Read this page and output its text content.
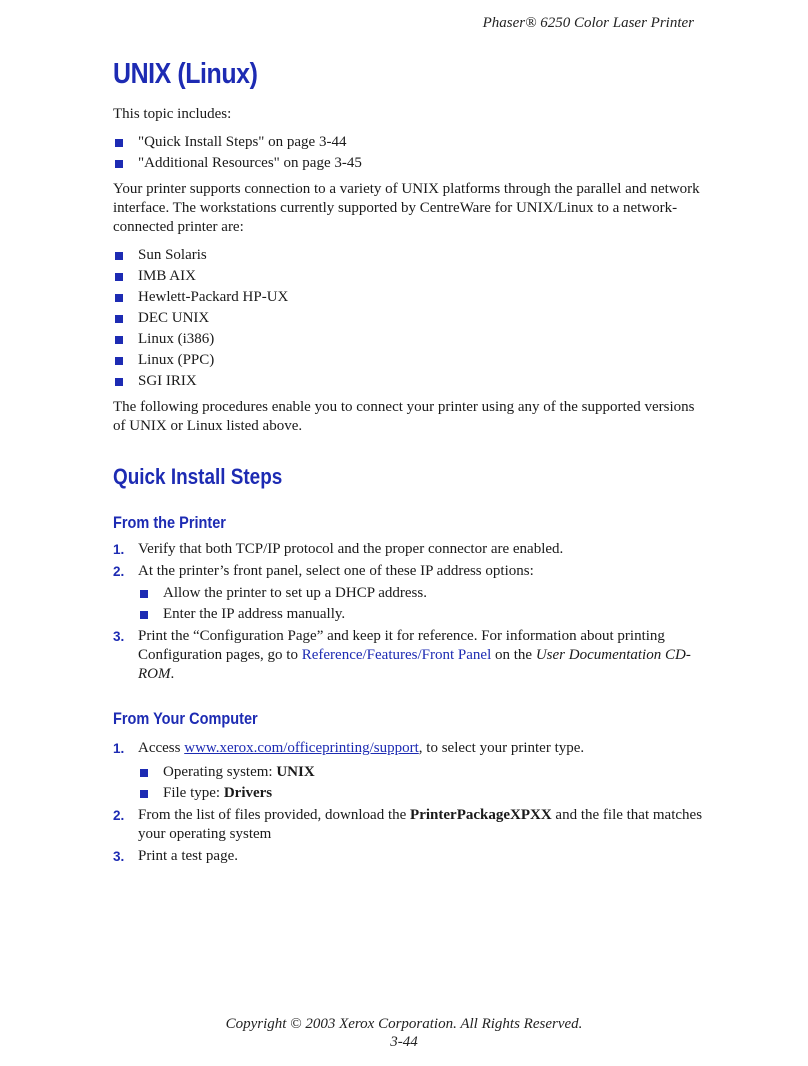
Phaser® 6250 Color Laser Printer
UNIX (Linux)

This topic includes:

"Quick Install Steps" on page 3-44
"Additional Resources" on page 3-45

Your printer supports connection to a variety of UNIX platforms through the parallel and network interface. The workstations currently supported by CentreWare for UNIX/Linux to a network-connected printer are:

Sun Solaris
IMB AIX
Hewlett-Packard HP-UX
DEC UNIX
Linux (i386)
Linux (PPC)
SGI IRIX

The following procedures enable you to connect your printer using any of the supported versions of UNIX or Linux listed above.

Quick Install Steps
From the Printer
1. Verify that both TCP/IP protocol and the proper connector are enabled.
2. At the printer’s front panel, select one of these IP address options:
Allow the printer to set up a DHCP address.
Enter the IP address manually.
3. Print the “Configuration Page” and keep it for reference. For information about printing Configuration pages, go to Reference/Features/Front Panel on the User Documentation CD-ROM.
From Your Computer
1. Access www.xerox.com/officeprinting/support, to select your printer type.
Operating system: UNIX
File type: Drivers
2. From the list of files provided, download the PrinterPackageXPXX and the file that matches your operating system
3. Print a test page.
Copyright © 2003 Xerox Corporation. All Rights Reserved.
3-44
